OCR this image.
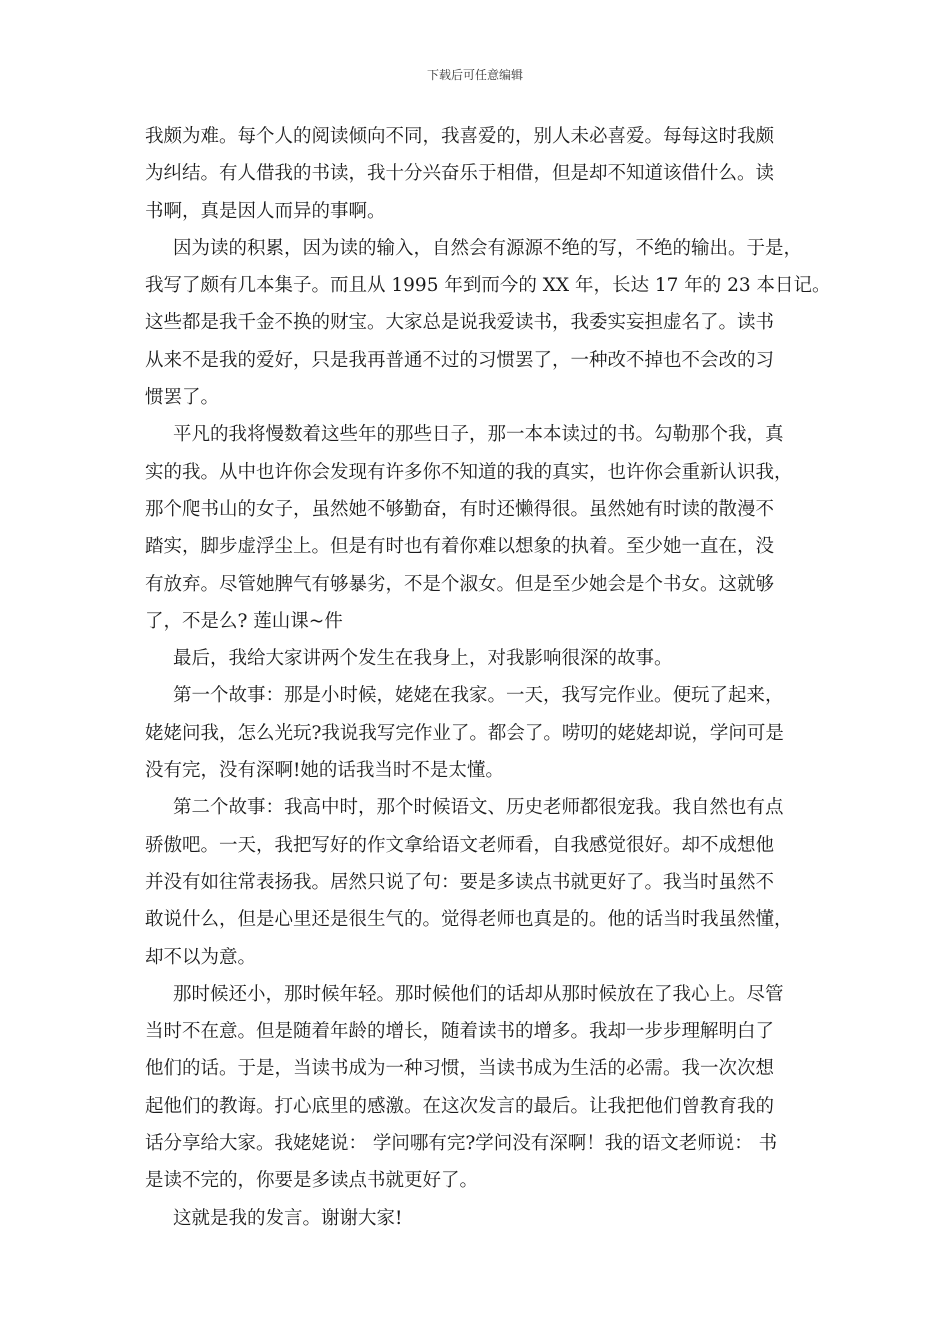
下载后可任意编辑
我颇为难。每个人的阅读倾向不同，我喜爱的，别人未必喜爱。每每这时我颇
为纠结。有人借我的书读，我十分兴奋乐于相借，但是却不知道该借什么。读
书啊，真是因人而异的事啊。
因为读的积累，因为读的输入，自然会有源源不绝的写，不绝的输出。于是，
我写了颇有几本集子。而且从 1995 年到而今的 XX 年，长达 17 年的 23 本日记。
这些都是我千金不换的财宝。大家总是说我爱读书，我委实妄担虚名了。读书
从来不是我的爱好，只是我再普通不过的习惯罢了，一种改不掉也不会改的习
惯罢了。
平凡的我将慢数着这些年的那些日子，那一本本读过的书。勾勒那个我，真
实的我。从中也许你会发现有许多你不知道的我的真实，也许你会重新认识我，
那个爬书山的女子，虽然她不够勤奋，有时还懒得很。虽然她有时读的散漫不
踏实，脚步虚浮尘上。但是有时也有着你难以想象的执着。至少她一直在，没
有放弃。尽管她脾气有够暴劣，不是个淑女。但是至少她会是个书女。这就够
了，不是么? 莲山课~件
最后，我给大家讲两个发生在我身上，对我影响很深的故事。
第一个故事：那是小时候，姥姥在我家。一天，我写完作业。便玩了起来，
姥姥问我，怎么光玩?我说我写完作业了。都会了。唠叨的姥姥却说，学问可是
没有完，没有深啊!她的话我当时不是太懂。
第二个故事：我高中时，那个时候语文、历史老师都很宠我。我自然也有点
骄傲吧。一天，我把写好的作文拿给语文老师看，自我感觉很好。却不成想他
并没有如往常表扬我。居然只说了句：要是多读点书就更好了。我当时虽然不
敢说什么，但是心里还是很生气的。觉得老师也真是的。他的话当时我虽然懂，
却不以为意。
那时候还小，那时候年轻。那时候他们的话却从那时候放在了我心上。尽管
当时不在意。但是随着年龄的增长，随着读书的增多。我却一步步理解明白了
他们的话。于是，当读书成为一种习惯，当读书成为生活的必需。我一次次想
起他们的教诲。打心底里的感激。在这次发言的最后。让我把他们曾教育我的
话分享给大家。我姥姥说： 学问哪有完?学问没有深啊！我的语文老师说： 书
是读不完的，你要是多读点书就更好了。
这就是我的发言。谢谢大家!
